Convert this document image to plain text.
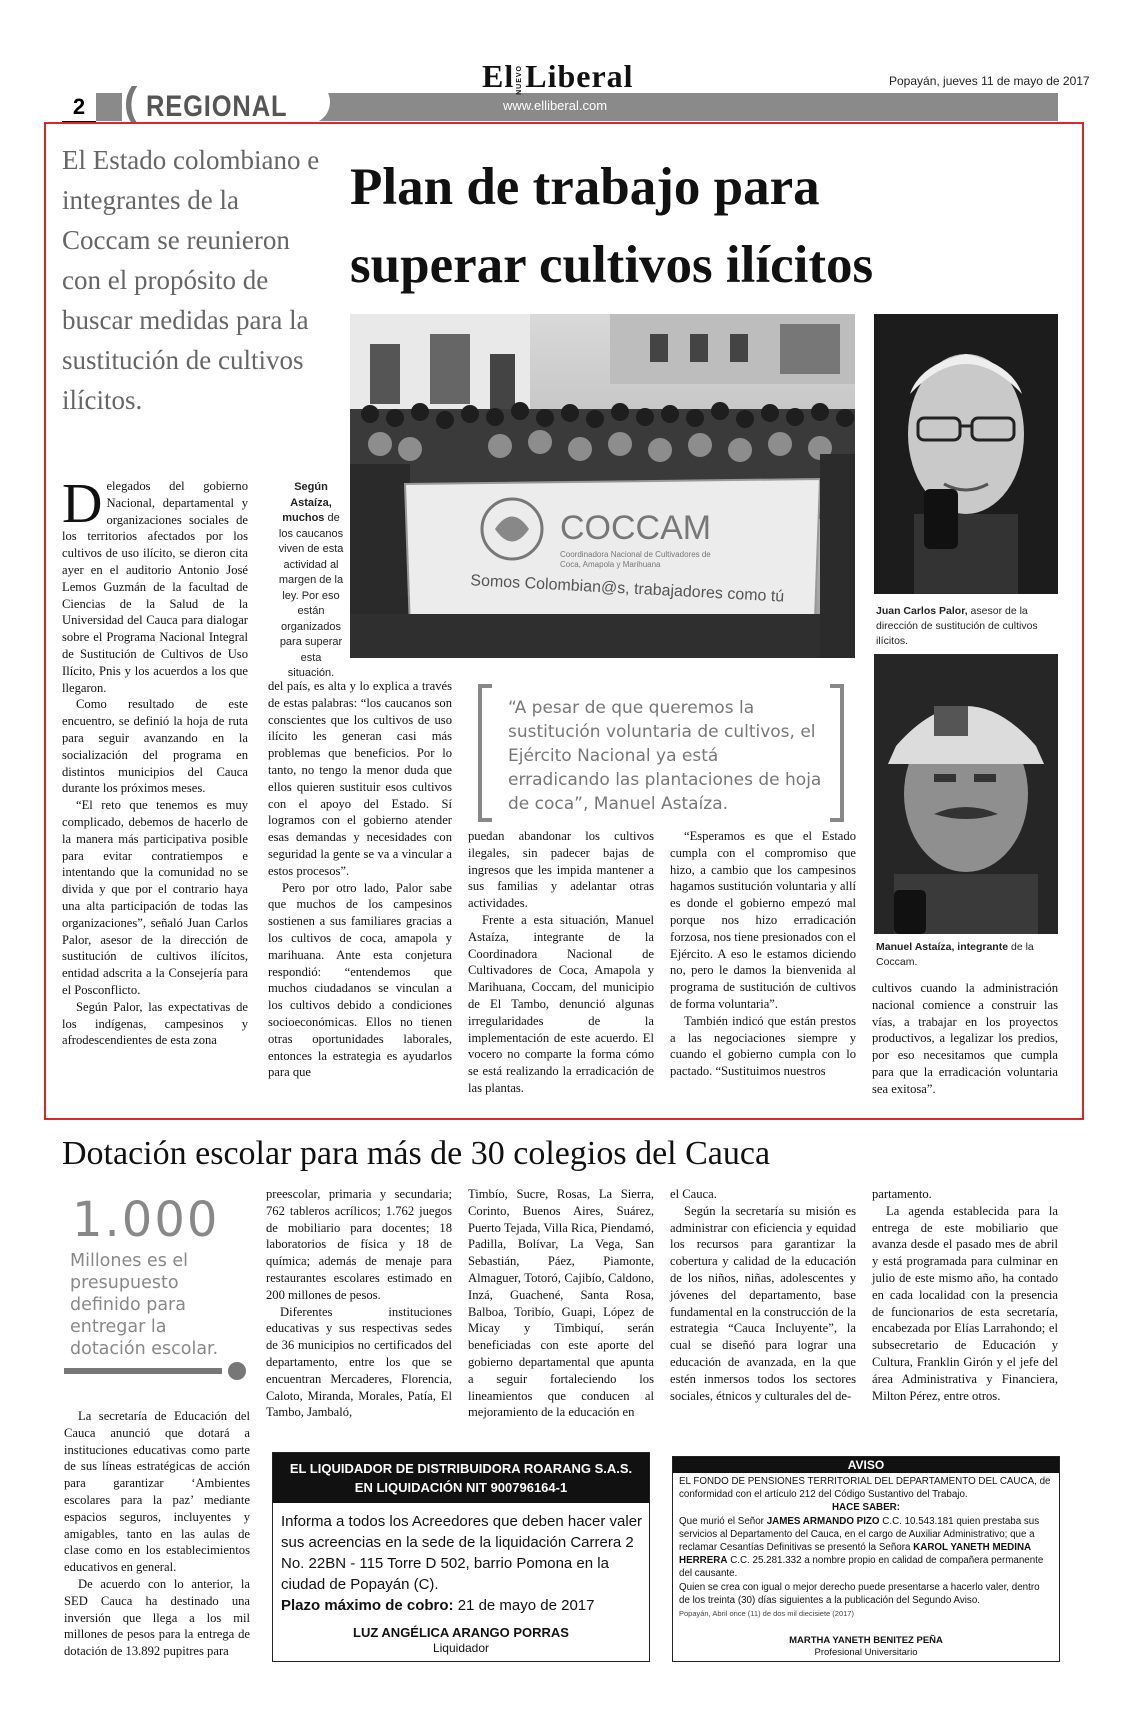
2 ( REGIONAL
El NUEVOLiberal
www.elliberal.com
Popayán, jueves 11 de mayo de 2017
El Estado colombiano e integrantes de la Coccam se reunieron con el propósito de buscar medidas para la sustitución de cultivos ilícitos.
Plan de trabajo para
superar cultivos ilícitos
COCCAM
Coordinadora Nacional de Cultivadores de
Coca, Amapola y Marihuana
Somos Colombian@s, trabajadores como tú
Según Astaíza, muchos de los caucanos viven de esta actividad al margen de la ley. Por eso están organizados para superar esta situación.
Juan Carlos Palor, asesor de la dirección de sustitución de cultivos ilícitos.
Manuel Astaíza, integrante de la Coccam.
“A pesar de que queremos la sustitución voluntaria de cultivos, el Ejército Nacional ya está erradicando las plantaciones de hoja de coca”, Manuel Astaíza.
D elegados del gobierno Nacional, departamental y organizaciones sociales de los territorios afectados por los cultivos de uso ilícito, se dieron cita ayer en el auditorio Antonio José Lemos Guzmán de la facultad de Ciencias de la Salud de la Universidad del Cauca para dialogar sobre el Programa Nacional Integral de Sustitución de Cultivos de Uso Ilícito, Pnis y los acuerdos a los que llegaron.

Como resultado de este encuentro, se definió la hoja de ruta para seguir avanzando en la socialización del programa en distintos municipios del Cauca durante los próximos meses.

“El reto que tenemos es muy complicado, debemos de hacerlo de la manera más participativa posible para evitar contratiempos e intentando que la comunidad no se divida y que por el contrario haya una alta participación de todas las organizaciones”, señaló Juan Carlos Palor, asesor de la dirección de sustitución de cultivos ilícitos, entidad adscrita a la Consejería para el Posconflicto.

Según Palor, las expectativas de los indígenas, campesinos y afrodescendientes de esta zona

del país, es alta y lo explica a través de estas palabras: “los caucanos son conscientes que los cultivos de uso ilícito les generan casi más problemas que beneficios. Por lo tanto, no tengo la menor duda que ellos quieren sustituir esos cultivos con el apoyo del Estado. Sí logramos con el gobierno atender esas demandas y necesidades con seguridad la gente se va a vincular a estos procesos”.

Pero por otro lado, Palor sabe que muchos de los campesinos sostienen a sus familiares gracias a los cultivos de coca, amapola y marihuana. Ante esta conjetura respondió: “entendemos que muchos ciudadanos se vinculan a los cultivos debido a condiciones socioeconómicas. Ellos no tienen otras oportunidades laborales, entonces la estrategia es ayudarlos para que

puedan abandonar los cultivos ilegales, sin padecer bajas de ingresos que les impida mantener a sus familias y adelantar otras actividades.

Frente a esta situación, Manuel Astaíza, integrante de la Coordinadora Nacional de Cultivadores de Coca, Amapola y Marihuana, Coccam, del municipio de El Tambo, denunció algunas irregularidades de la implementación de este acuerdo. El vocero no comparte la forma cómo se está realizando la erradicación de las plantas.

“Esperamos es que el Estado cumpla con el compromiso que hizo, a cambio que los campesinos hagamos sustitución voluntaria y allí es donde el gobierno empezó mal porque nos hizo erradicación forzosa, nos tiene presionados con el Ejército. A eso le estamos diciendo no, pero le damos la bienvenida al programa de sustitución de cultivos de forma voluntaria”.

También indicó que están prestos a las negociaciones siempre y cuando el gobierno cumpla con lo pactado. “Sustituimos nuestros

cultivos cuando la administración nacional comience a construir las vías, a trabajar en los proyectos productivos, a legalizar los predios, por eso necesitamos que cumpla para que la erradicación voluntaria sea exitosa”.

Dotación escolar para más de 30 colegios del Cauca
1.000
Millones es el presupuesto definido para entregar la dotación escolar.

La secretaría de Educación del Cauca anunció que dotará a instituciones educativas como parte de sus líneas estratégicas de acción para garantizar ‘Ambientes escolares para la paz’ mediante espacios seguros, incluyentes y amigables, tanto en las aulas de clase como en los establecimientos educativos en general.

De acuerdo con lo anterior, la SED Cauca ha destinado una inversión que llega a los mil millones de pesos para la entrega de dotación de 13.892 pupitres para

preescolar, primaria y secundaria; 762 tableros acrílicos; 1.762 juegos de mobiliario para docentes; 18 laboratorios de física y 18 de química; además de menaje para restaurantes escolares estimado en 200 millones de pesos.

Diferentes instituciones educativas y sus respectivas sedes de 36 municipios no certificados del departamento, entre los que se encuentran Mercaderes, Florencia, Caloto, Miranda, Morales, Patía, El Tambo, Jambaló,

Timbío, Sucre, Rosas, La Sierra, Corinto, Buenos Aires, Suárez, Puerto Tejada, Villa Rica, Piendamó, Padilla, Bolívar, La Vega, San Sebastián, Páez, Piamonte, Almaguer, Totoró, Cajibío, Caldono, Inzá, Guachené, Santa Rosa, Balboa, Toribío, Guapi, López de Micay y Timbiquí, serán beneficiadas con este aporte del gobierno departamental que apunta a seguir fortaleciendo los lineamientos que conducen al mejoramiento de la educación en

el Cauca.

Según la secretaría su misión es administrar con eficiencia y equidad los recursos para garantizar la cobertura y calidad de la educación de los niños, niñas, adolescentes y jóvenes del departamento, base fundamental en la construcción de la estrategia “Cauca Incluyente”, la cual se diseñó para lograr una educación de avanzada, en la que estén inmersos todos los sectores sociales, étnicos y culturales del de-

partamento.

La agenda establecida para la entrega de este mobiliario que avanza desde el pasado mes de abril y está programada para culminar en julio de este mismo año, ha contado en cada localidad con la presencia de funcionarios de esta secretaría, encabezada por Elías Larrahondo; el subsecretario de Educación y Cultura, Franklin Girón y el jefe del área Administrativa y Financiera, Milton Pérez, entre otros.

EL LIQUIDADOR DE DISTRIBUIDORA ROARANG S.A.S.
EN LIQUIDACIÓN NIT 900796164-1
Informa a todos los Acreedores que deben hacer valer sus acreencias en la sede de la liquidación Carrera 2 No. 22BN - 115 Torre D 502, barrio Pomona en la ciudad de Popayán (C).
Plazo máximo de cobro: 21 de mayo de 2017
LUZ ANGÉLICA ARANGO PORRAS
Liquidador
AVISO
EL FONDO DE PENSIONES TERRITORIAL DEL DEPARTAMENTO DEL CAUCA, de conformidad con el artículo 212 del Código Sustantivo del Trabajo.
HACE SABER:
Que murió el Señor JAMES ARMANDO PIZO C.C. 10.543.181 quien prestaba sus servicios al Departamento del Cauca, en el cargo de Auxiliar Administrativo; que a reclamar Cesantías Definitivas se presentó la Señora KAROL YANETH MEDINA HERRERA C.C. 25.281.332 a nombre propio en calidad de compañera permanente del causante.
Quien se crea con igual o mejor derecho puede presentarse a hacerlo valer, dentro de los treinta (30) días siguientes a la publicación del Segundo Aviso.
Popayán, Abril once (11) de dos mil diecisiete (2017)
MARTHA YANETH BENITEZ PEÑA
Profesional Universitario
